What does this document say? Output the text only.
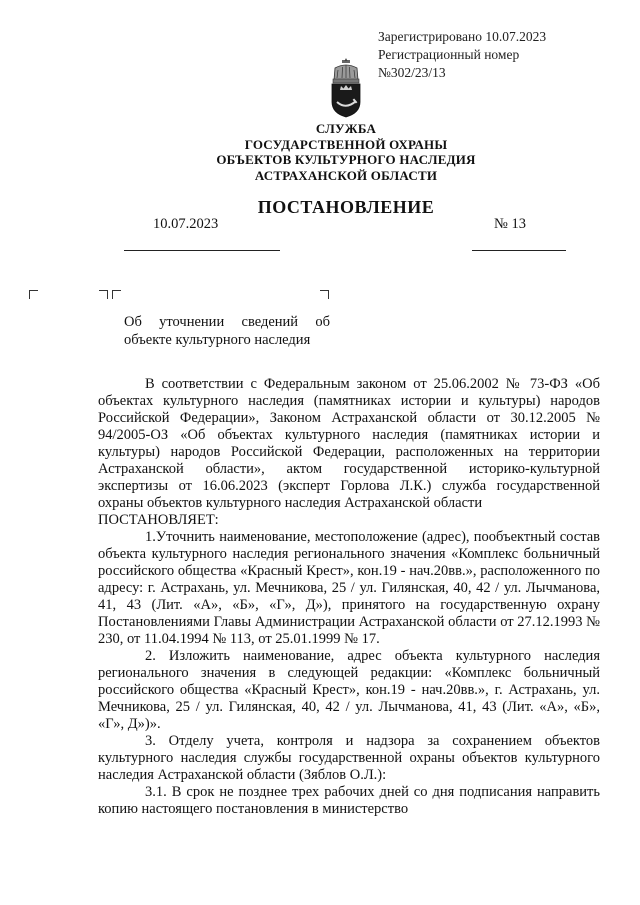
Зарегистрировано 10.07.2023
Регистрационный номер
№302/23/13
СЛУЖБА
ГОСУДАРСТВЕННОЙ ОХРАНЫ
ОБЪЕКТОВ КУЛЬТУРНОГО НАСЛЕДИЯ
АСТРАХАНСКОЙ ОБЛАСТИ
ПОСТАНОВЛЕНИЕ
10.07.2023	№ 13
Об уточнении сведений об объекте культурного наследия

В соответствии с Федеральным законом от 25.06.2002 № 73-ФЗ «Об объектах культурного наследия (памятниках истории и культуры) народов Российской Федерации», Законом Астраханской области от 30.12.2005 № 94/2005-ОЗ «Об объектах культурного наследия (памятниках истории и культуры) народов Российской Федерации, расположенных на территории Астраханской области», актом государственной историко-культурной экспертизы от 16.06.2023 (эксперт Горлова Л.К.) служба государственной охраны объектов культурного наследия Астраханской области

ПОСТАНОВЛЯЕТ:

1.Уточнить наименование, местоположение (адрес), пообъектный состав объекта культурного наследия регионального значения «Комплекс больничный российского общества «Красный Крест», кон.19 - нач.20вв.», расположенного по адресу: г. Астрахань, ул. Мечникова, 25 / ул. Гилянская, 40, 42 / ул. Лычманова, 41, 43 (Лит. «А», «Б», «Г», Д»), принятого на государственную охрану Постановлениями Главы Администрации Астраханской области от 27.12.1993 № 230, от 11.04.1994 № 113, от 25.01.1999 № 17.

2. Изложить наименование, адрес объекта культурного наследия регионального значения в следующей редакции: «Комплекс больничный российского общества «Красный Крест», кон.19 - нач.20вв.», г. Астрахань, ул. Мечникова, 25 / ул. Гилянская, 40, 42 / ул. Лычманова, 41, 43 (Лит. «А», «Б», «Г», Д»)».

3. Отделу учета, контроля и надзора за сохранением объектов культурного наследия службы государственной охраны объектов культурного наследия Астраханской области (Зяблов О.Л.):

3.1. В срок не позднее трех рабочих дней со дня подписания направить копию настоящего постановления в министерство
